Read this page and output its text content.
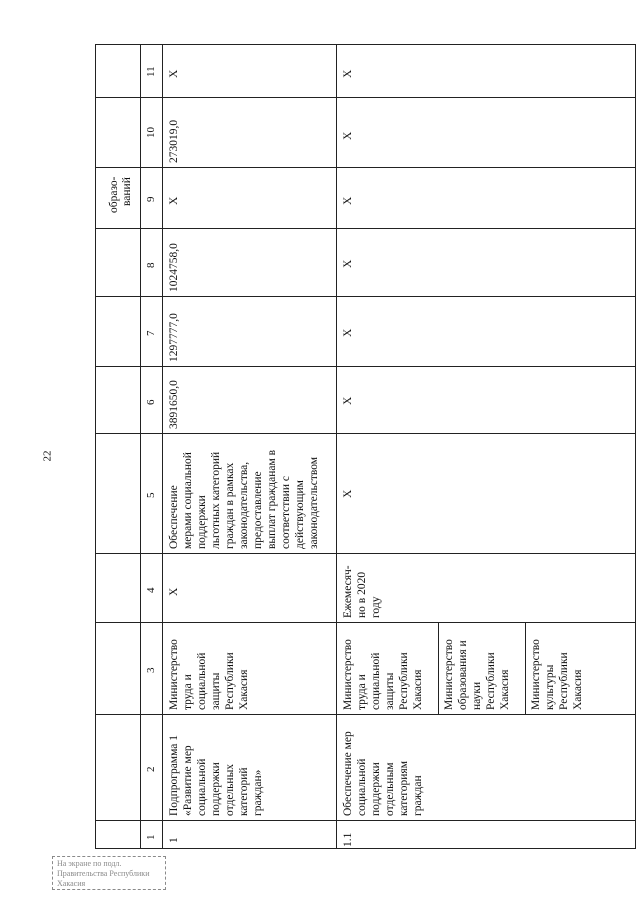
22
На экране по подл.
Правительства Республики
Хакасия
образо- ваний
1
2
3
4
5
6
7
8
9
10
11
1
Подпрограмма 1 «Развитие мер социальной поддержки отдельных категорий граждан»
Министерство труда и социальной защиты Республики Хакасия
X
Обеспечение мерами социальной поддержки льготных категорий граждан в рамках законодательства, предоставление выплат гражданам в соответствии с действующим законодательством
3891650,0
1297777,0
1024758,0
X
273019,0
X
1.1
Обеспечение мер социальной поддержки отдельным категориям граждан
Министерство труда и социальной защиты Республики Хакасия Министерство образования и науки Республики Хакасия Министерство культуры Республики Хакасия
Ежемесяч- но в 2020 году
X
X
X
X
X
X
X
